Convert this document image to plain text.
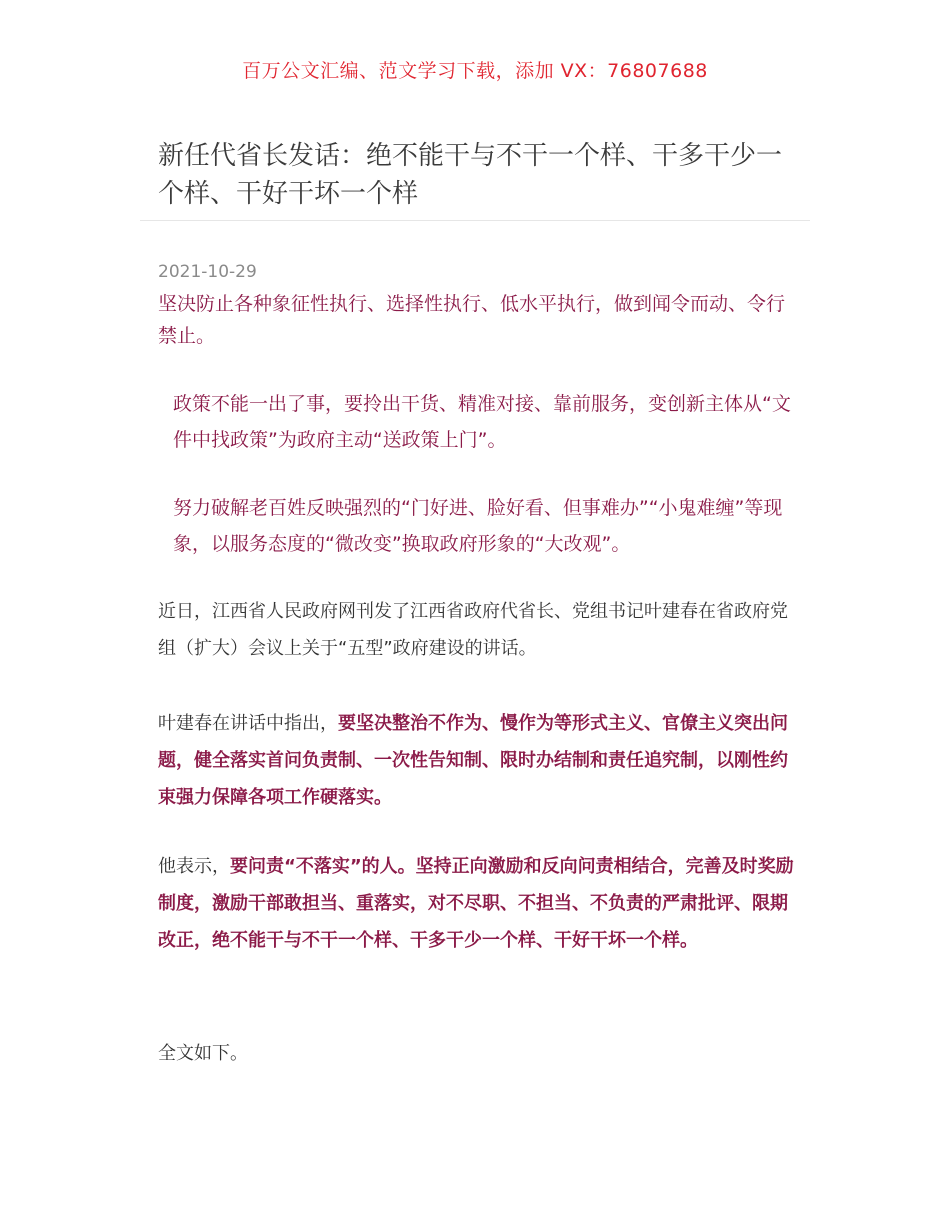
百万公文汇编、范文学习下载，添加 VX：76807688
新任代省长发话：绝不能干与不干一个样、干多干少一个样、干好干坏一个样
2021-10-29

坚决防止各种象征性执行、选择性执行、低水平执行，做到闻令而动、令行禁止。

政策不能一出了事，要拎出干货、精准对接、靠前服务，变创新主体从“文件中找政策”为政府主动“送政策上门”。

努力破解老百姓反映强烈的“门好进、脸好看、但事难办”“小鬼难缠”等现象，以服务态度的“微改变”换取政府形象的“大改观”。

近日，江西省人民政府网刊发了江西省政府代省长、党组书记叶建春在省政府党组（扩大）会议上关于“五型”政府建设的讲话。

叶建春在讲话中指出，要坚决整治不作为、慢作为等形式主义、官僚主义突出问题，健全落实首问负责制、一次性告知制、限时办结制和责任追究制，以刚性约束强力保障各项工作硬落实。

他表示，要问责“不落实”的人。坚持正向激励和反向问责相结合，完善及时奖励制度，激励干部敢担当、重落实，对不尽职、不担当、不负责的严肃批评、限期改正，绝不能干与不干一个样、干多干少一个样、干好干坏一个样。

全文如下。
